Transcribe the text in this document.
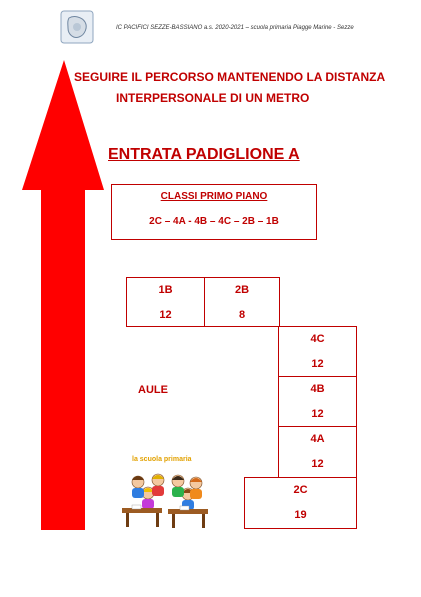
IC PACIFICI SEZZE-BASSIANO a.s. 2020-2021 – scuola primaria Piagge Marine - Sezze
SEGUIRE IL PERCORSO MANTENENDO LA DISTANZA
INTERPERSONALE DI UN METRO
ENTRATA PADIGLIONE A
CLASSI PRIMO PIANO
2C – 4A - 4B – 4C – 2B – 1B
1B
12
2B
8
4C
12
4B
12
4A
12
2C
19
AULE
la scuola primaria
